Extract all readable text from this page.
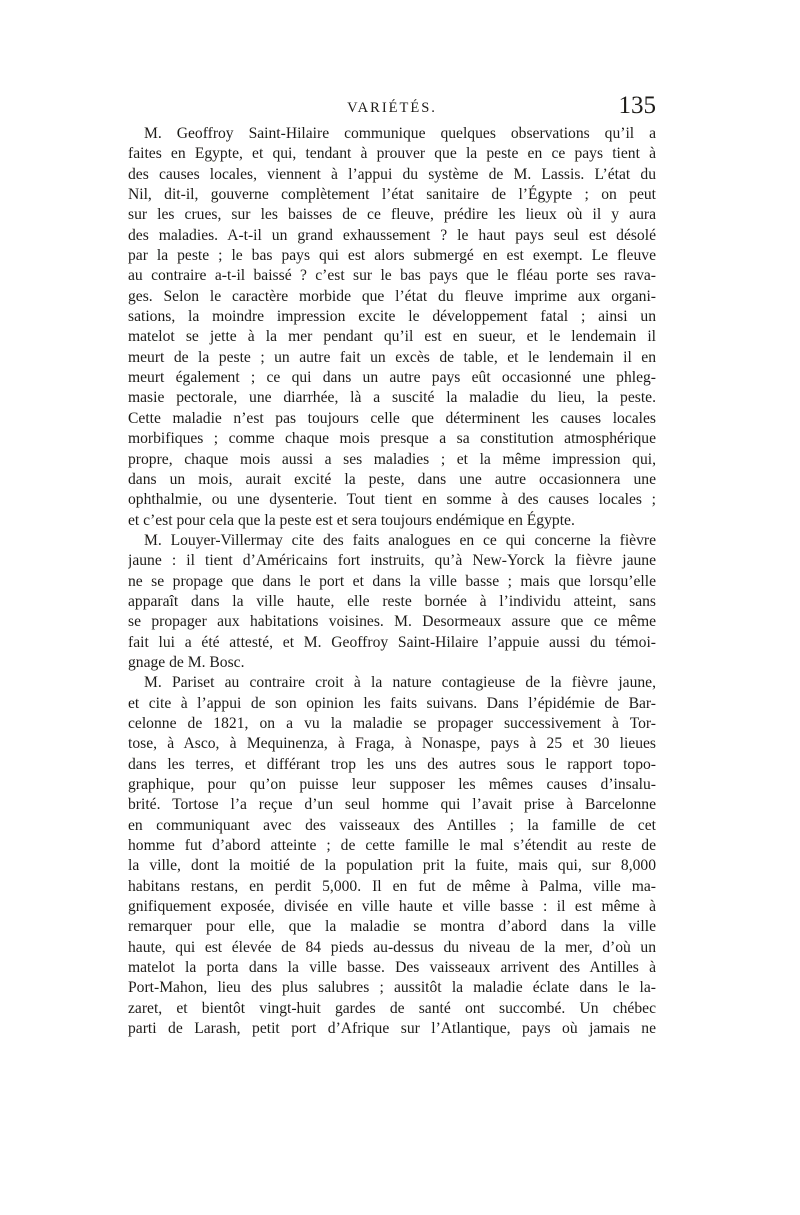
VARIÉTÉS.	135
M. Geoffroy Saint-Hilaire communique quelques observations qu’il a
faites en Egypte, et qui, tendant à prouver que la peste en ce pays tient à
des causes locales, viennent à l’appui du système de M. Lassis. L’état du
Nil, dit-il, gouverne complètement l’état sanitaire de l’Égypte ; on peut
sur les crues, sur les baisses de ce fleuve, prédire les lieux où il y aura
des maladies. A-t-il un grand exhaussement ? le haut pays seul est désolé
par la peste ; le bas pays qui est alors submergé en est exempt. Le fleuve
au contraire a-t-il baissé ? c’est sur le bas pays que le fléau porte ses rava-
ges. Selon le caractère morbide que l’état du fleuve imprime aux organi-
sations, la moindre impression excite le développement fatal ; ainsi un
matelot se jette à la mer pendant qu’il est en sueur, et le lendemain il
meurt de la peste ; un autre fait un excès de table, et le lendemain il en
meurt également ; ce qui dans un autre pays eût occasionné une phleg-
masie pectorale, une diarrhée, là a suscité la maladie du lieu, la peste.
Cette maladie n’est pas toujours celle que déterminent les causes locales
morbifiques ; comme chaque mois presque a sa constitution atmosphérique
propre, chaque mois aussi a ses maladies ; et la même impression qui,
dans un mois, aurait excité la peste, dans une autre occasionnera une
ophthalmie, ou une dysenterie. Tout tient en somme à des causes locales ;
et c’est pour cela que la peste est et sera toujours endémique en Égypte.
M. Louyer-Villermay cite des faits analogues en ce qui concerne la fièvre
jaune : il tient d’Américains fort instruits, qu’à New-Yorck la fièvre jaune
ne se propage que dans le port et dans la ville basse ; mais que lorsqu’elle
apparaît dans la ville haute, elle reste bornée à l’individu atteint, sans
se propager aux habitations voisines. M. Desormeaux assure que ce même
fait lui a été attesté, et M. Geoffroy Saint-Hilaire l’appuie aussi du témoi-
gnage de M. Bosc.
M. Pariset au contraire croit à la nature contagieuse de la fièvre jaune,
et cite à l’appui de son opinion les faits suivans. Dans l’épidémie de Bar-
celonne de 1821, on a vu la maladie se propager successivement à Tor-
tose, à Asco, à Mequinenza, à Fraga, à Nonaspe, pays à 25 et 30 lieues
dans les terres, et différant trop les uns des autres sous le rapport topo-
graphique, pour qu’on puisse leur supposer les mêmes causes d’insalu-
brité. Tortose l’a reçue d’un seul homme qui l’avait prise à Barcelonne
en communiquant avec des vaisseaux des Antilles ; la famille de cet
homme fut d’abord atteinte ; de cette famille le mal s’étendit au reste de
la ville, dont la moitié de la population prit la fuite, mais qui, sur 8,000
habitans restans, en perdit 5,000. Il en fut de même à Palma, ville ma-
gnifiquement exposée, divisée en ville haute et ville basse : il est même à
remarquer pour elle, que la maladie se montra d’abord dans la ville
haute, qui est élevée de 84 pieds au-dessus du niveau de la mer, d’où un
matelot la porta dans la ville basse. Des vaisseaux arrivent des Antilles à
Port-Mahon, lieu des plus salubres ; aussitôt la maladie éclate dans le la-
zaret, et bientôt vingt-huit gardes de santé ont succombé. Un chébec
parti de Larash, petit port d’Afrique sur l’Atlantique, pays où jamais ne
